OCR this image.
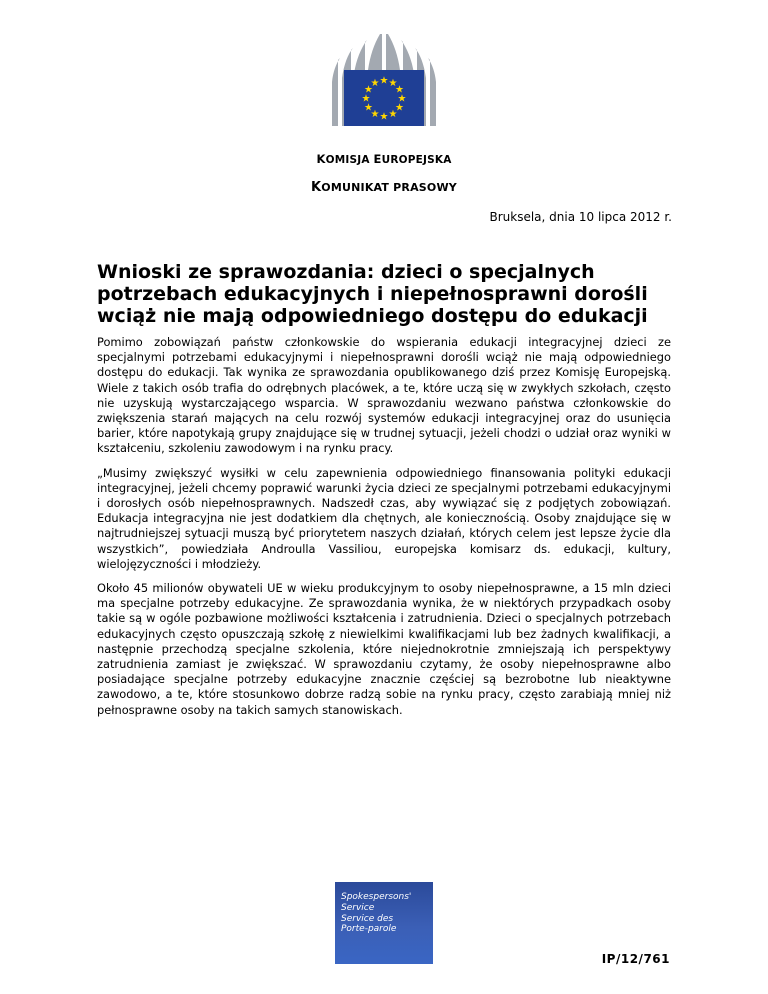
★ ★
★
★
★
★
★
★
★
★
★
★
KOMISJA EUROPEJSKA
KOMUNIKAT PRASOWY
Bruksela, dnia 10 lipca 2012 r.
Wnioski ze sprawozdania: dzieci o specjalnych potrzebach edukacyjnych i niepełnosprawni dorośli wciąż nie mają odpowiedniego dostępu do edukacji

Pomimo zobowiązań państw członkowskie do wspierania edukacji integracyjnej dzieci ze specjalnymi potrzebami edukacyjnymi i niepełnosprawni dorośli wciąż nie mają odpowiedniego dostępu do edukacji. Tak wynika ze sprawozdania opublikowanego dziś przez Komisję Europejską. Wiele z takich osób trafia do odrębnych placówek, a te, które uczą się w zwykłych szkołach, często nie uzyskują wystarczającego wsparcia. W sprawozdaniu wezwano państwa członkowskie do zwiększenia starań mających na celu rozwój systemów edukacji integracyjnej oraz do usunięcia barier, które napotykają grupy znajdujące się w trudnej sytuacji, jeżeli chodzi o udział oraz wyniki w kształceniu, szkoleniu zawodowym i na rynku pracy.

„Musimy zwiększyć wysiłki w celu zapewnienia odpowiedniego finansowania polityki edukacji integracyjnej, jeżeli chcemy poprawić warunki życia dzieci ze specjalnymi potrzebami edukacyjnymi i dorosłych osób niepełnosprawnych. Nadszedł czas, aby wywiązać się z podjętych zobowiązań. Edukacja integracyjna nie jest dodatkiem dla chętnych, ale koniecznością. Osoby znajdujące się w najtrudniejszej sytuacji muszą być priorytetem naszych działań, których celem jest lepsze życie dla wszystkich”, powiedziała Androulla Vassiliou, europejska komisarz ds. edukacji, kultury, wielojęzyczności i młodzieży.

Około 45 milionów obywateli UE w wieku produkcyjnym to osoby niepełnosprawne, a 15 mln dzieci ma specjalne potrzeby edukacyjne. Ze sprawozdania wynika, że w niektórych przypadkach osoby takie są w ogóle pozbawione możliwości kształcenia i zatrudnienia. Dzieci o specjalnych potrzebach edukacyjnych często opuszczają szkołę z niewielkimi kwalifikacjami lub bez żadnych kwalifikacji, a następnie przechodzą specjalne szkolenia, które niejednokrotnie zmniejszają ich perspektywy zatrudnienia zamiast je zwiększać. W sprawozdaniu czytamy, że osoby niepełnosprawne albo posiadające specjalne potrzeby edukacyjne znacznie częściej są bezrobotne lub nieaktywne zawodowo, a te, które stosunkowo dobrze radzą sobie na rynku pracy, często zarabiają mniej niż pełnosprawne osoby na takich samych stanowiskach.

Spokespersons'
Service
Service des
Porte-parole
IP/12/761
